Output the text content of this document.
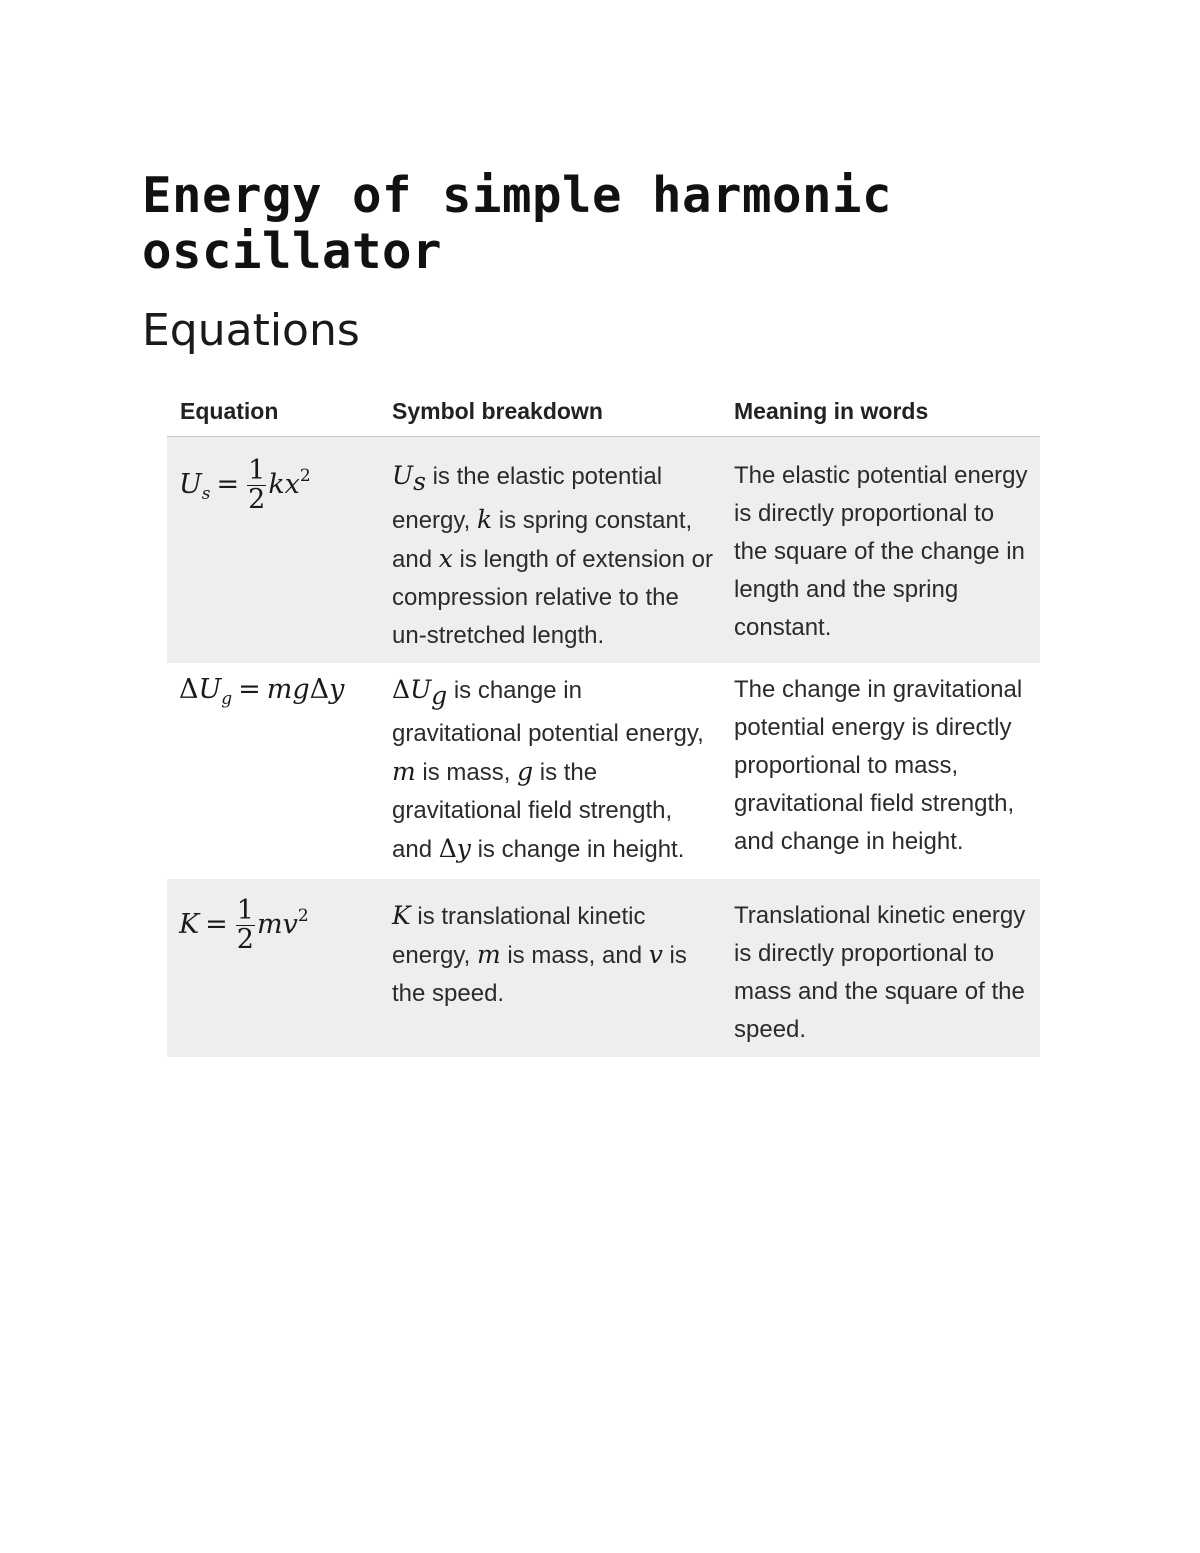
Energy of simple harmonic oscillator
Equations
Equation	Symbol breakdown	Meaning in words
$U_s = \frac{1}{2} kx^2$	$U_s$ is the elastic potential energy, k is spring constant, and x is length of extension or compression relative to the un-stretched length.	The elastic potential energy is directly proportional to the square of the change in length and the spring constant.
$\Delta U_g = mg\Delta y$	$\Delta U_g$ is change in gravitational potential energy, m is mass, g is the gravitational field strength, and Δy is change in height.	The change in gravitational potential energy is directly proportional to mass, gravitational field strength, and change in height.
$K = \frac{1}{2} mv^2$	K is translational kinetic energy, m is mass, and v is the speed.	Translational kinetic energy is directly proportional to mass and the square of the speed.
